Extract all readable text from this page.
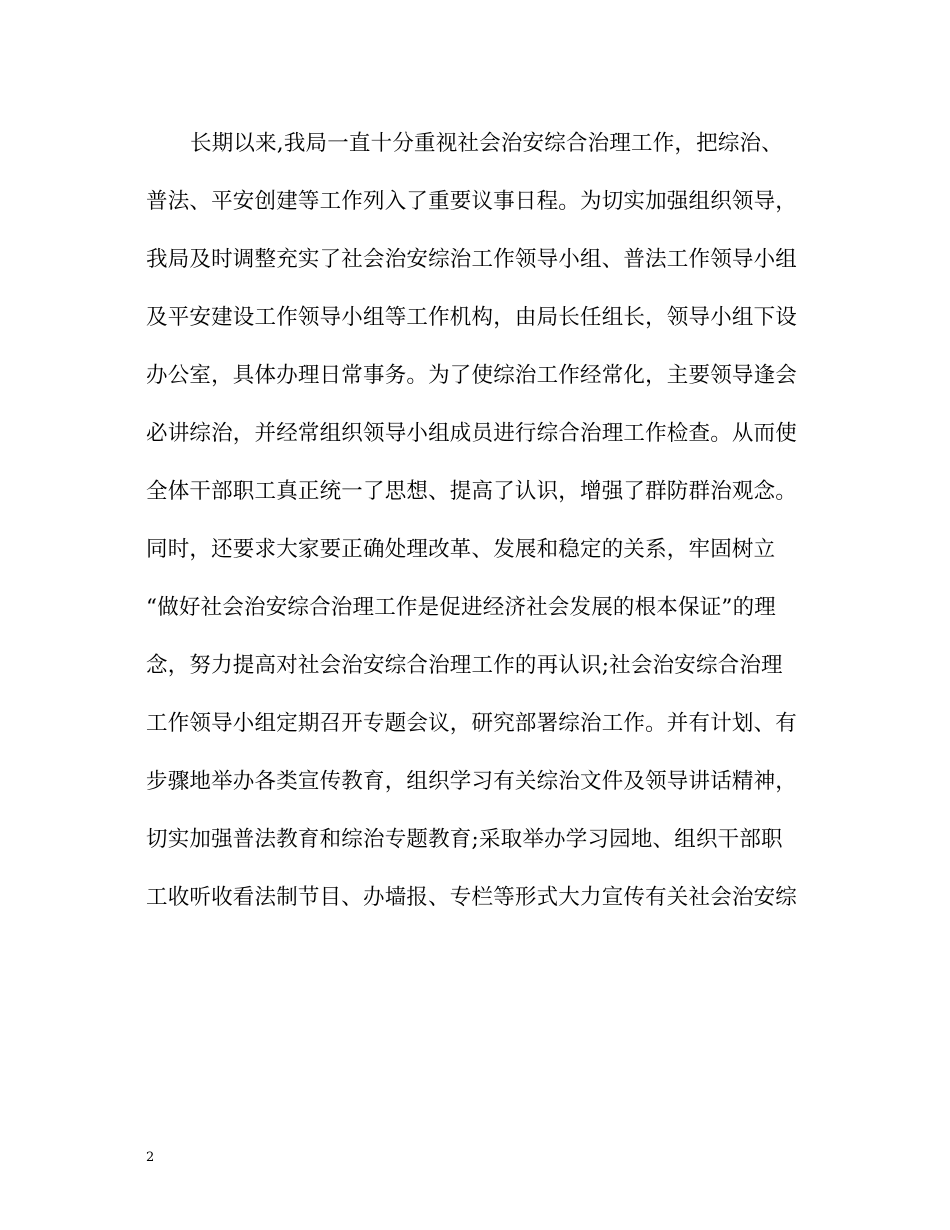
长期以来,我局一直十分重视社会治安综合治理工作，把综治、
普法、平安创建等工作列入了重要议事日程。为切实加强组织领导，
我局及时调整充实了社会治安综治工作领导小组、普法工作领导小组
及平安建设工作领导小组等工作机构，由局长任组长，领导小组下设
办公室，具体办理日常事务。为了使综治工作经常化，主要领导逢会
必讲综治，并经常组织领导小组成员进行综合治理工作检查。从而使
全体干部职工真正统一了思想、提高了认识，增强了群防群治观念。
同时，还要求大家要正确处理改革、发展和稳定的关系，牢固树立
“做好社会治安综合治理工作是促进经济社会发展的根本保证”的理
念，努力提高对社会治安综合治理工作的再认识;社会治安综合治理
工作领导小组定期召开专题会议，研究部署综治工作。并有计划、有
步骤地举办各类宣传教育，组织学习有关综治文件及领导讲话精神，
切实加强普法教育和综治专题教育;采取举办学习园地、组织干部职
工收听收看法制节目、办墙报、专栏等形式大力宣传有关社会治安综
2
